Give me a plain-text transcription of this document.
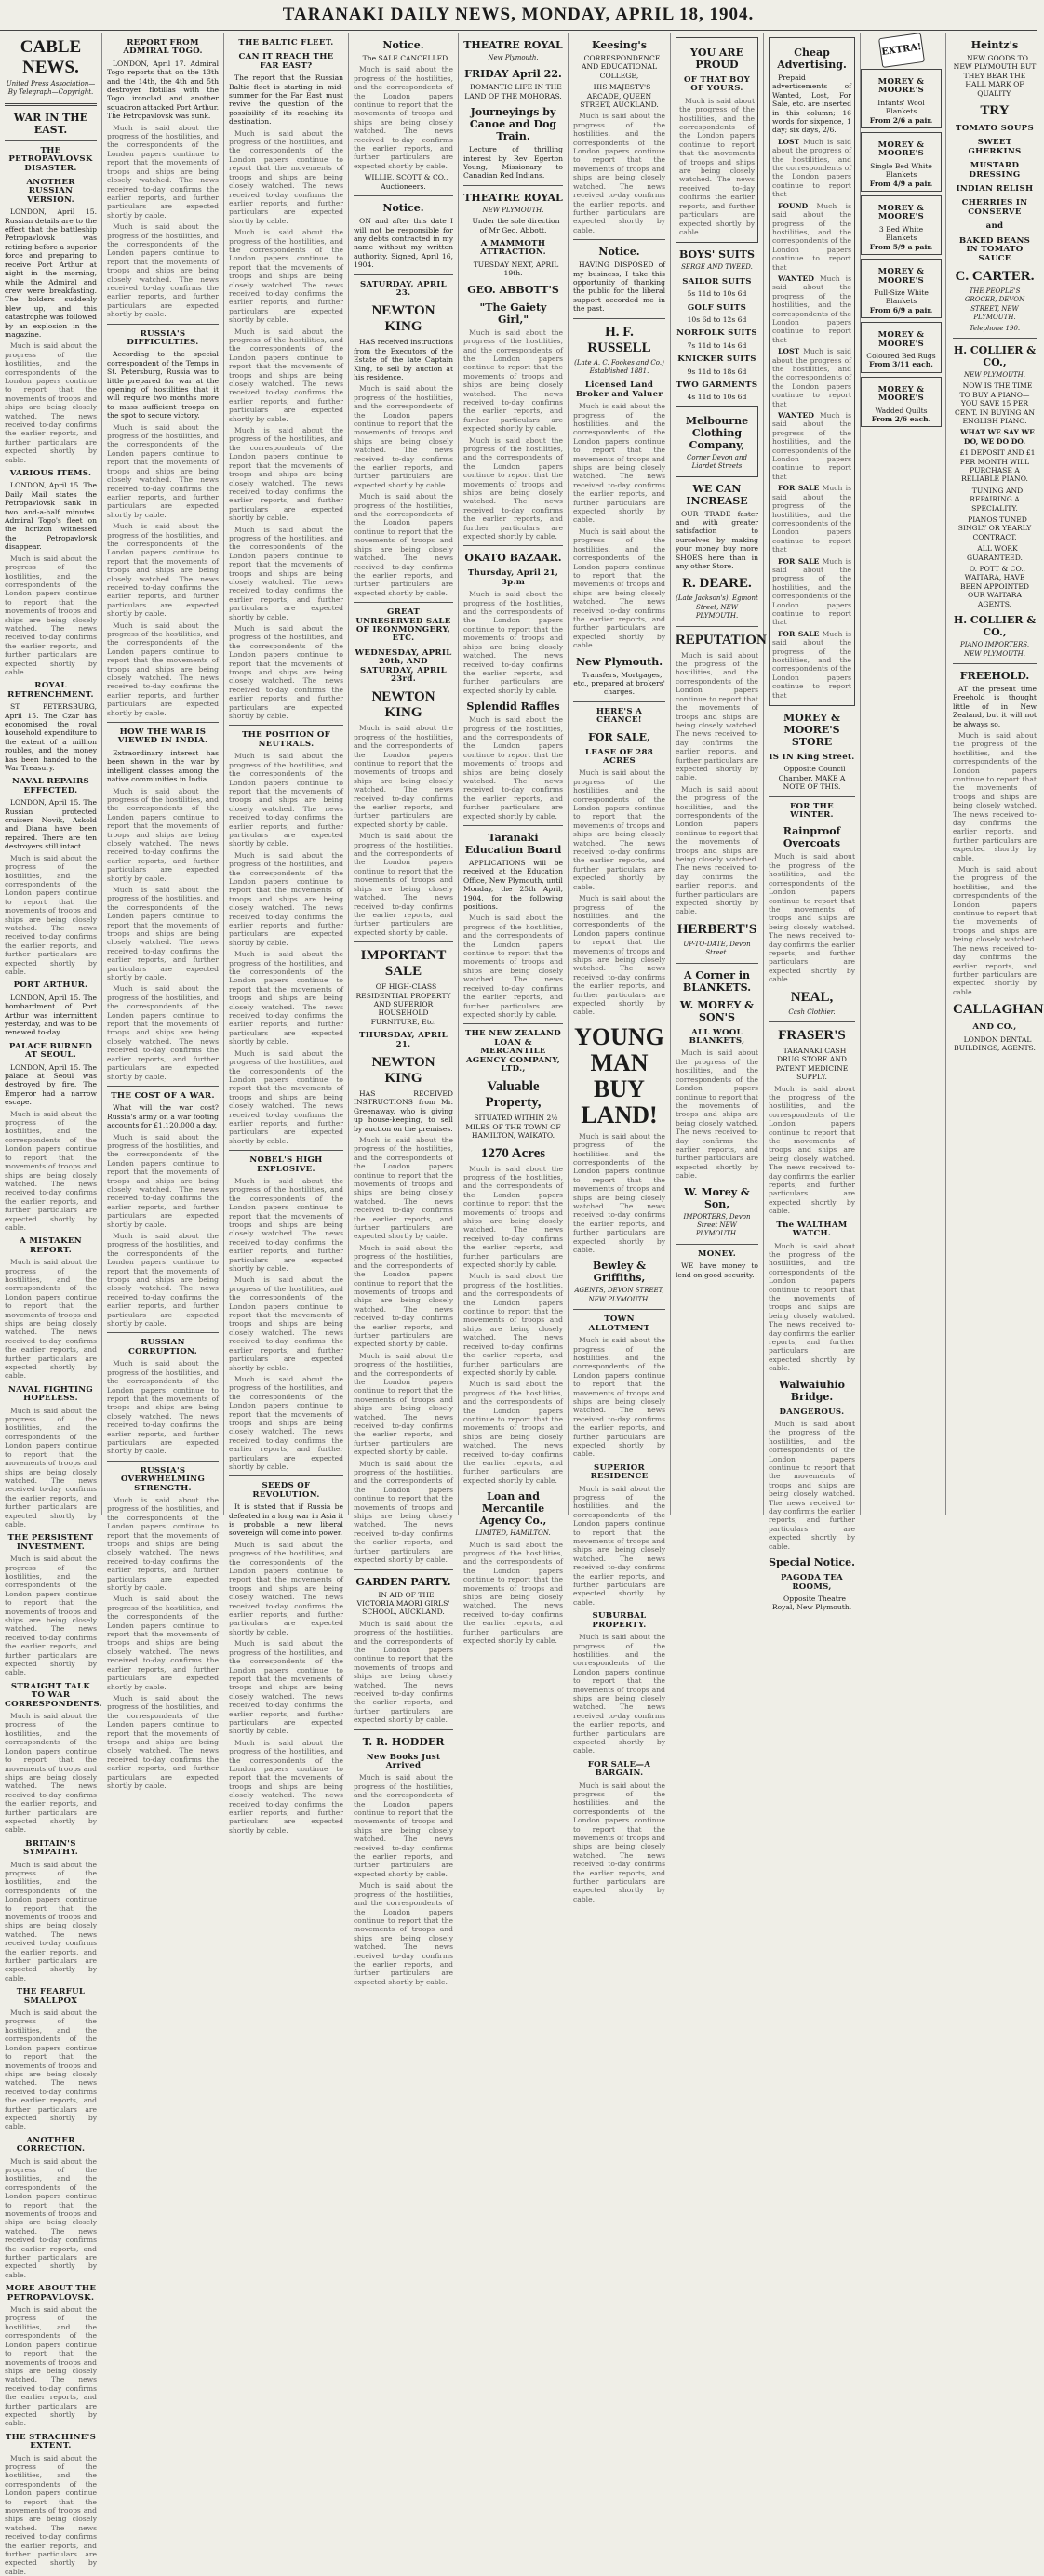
TARANAKI DAILY NEWS, MONDAY, APRIL 18, 1904.
CABLE NEWS.
United Press Association—By Telegraph—Copyright.
WAR IN THE EAST.
THE PETROPAVLOVSK DISASTER.
ANOTHER RUSSIAN VERSION.

LONDON, April 15. Russian details are to the effect that the battleship Petropavlovsk was retiring before a superior force and preparing to receive Port Arthur at night in the morning, while the Admiral and crew were breakfasting. The bolders suddenly blew up, and this catastrophe was followed by an explosion in the magazine.

Much is said about the progress of the hostilities, and the correspondents of the London papers continue to report that the movements of troops and ships are being closely watched. The news received to-day confirms the earlier reports, and further particulars are expected shortly by cable.

VARIOUS ITEMS.

LONDON, April 15. The Daily Mail states the Petropavlovsk sank in two and-a-half minutes. Admiral Togo's fleet on the horizon witnessed the Petropavlovsk disappear.

Much is said about the progress of the hostilities, and the correspondents of the London papers continue to report that the movements of troops and ships are being closely watched. The news received to-day confirms the earlier reports, and further particulars are expected shortly by cable.

ROYAL RETRENCHMENT.

ST. PETERSBURG, April 15. The Czar has economised the royal household expenditure to the extent of a million roubles, and the money has been handed to the War Treasury.

NAVAL REPAIRS EFFECTED.

LONDON, April 15. The Russian protected cruisers Novik, Askold and Diana have been repaired. There are ten destroyers still intact.

Much is said about the progress of the hostilities, and the correspondents of the London papers continue to report that the movements of troops and ships are being closely watched. The news received to-day confirms the earlier reports, and further particulars are expected shortly by cable.

PORT ARTHUR.

LONDON, April 15. The bombardment of Port Arthur was intermittent yesterday, and was to be renewed to-day.

PALACE BURNED AT SEOUL.

LONDON, April 15. The palace at Seoul was destroyed by fire. The Emperor had a narrow escape.

Much is said about the progress of the hostilities, and the correspondents of the London papers continue to report that the movements of troops and ships are being closely watched. The news received to-day confirms the earlier reports, and further particulars are expected shortly by cable.

A MISTAKEN REPORT.

Much is said about the progress of the hostilities, and the correspondents of the London papers continue to report that the movements of troops and ships are being closely watched. The news received to-day confirms the earlier reports, and further particulars are expected shortly by cable.

NAVAL FIGHTING HOPELESS.

Much is said about the progress of the hostilities, and the correspondents of the London papers continue to report that the movements of troops and ships are being closely watched. The news received to-day confirms the earlier reports, and further particulars are expected shortly by cable.

THE PERSISTENT INVESTMENT.

Much is said about the progress of the hostilities, and the correspondents of the London papers continue to report that the movements of troops and ships are being closely watched. The news received to-day confirms the earlier reports, and further particulars are expected shortly by cable.

STRAIGHT TALK TO WAR CORRESPONDENTS.

Much is said about the progress of the hostilities, and the correspondents of the London papers continue to report that the movements of troops and ships are being closely watched. The news received to-day confirms the earlier reports, and further particulars are expected shortly by cable.

BRITAIN'S SYMPATHY.

Much is said about the progress of the hostilities, and the correspondents of the London papers continue to report that the movements of troops and ships are being closely watched. The news received to-day confirms the earlier reports, and further particulars are expected shortly by cable.

THE FEARFUL SMALLPOX

Much is said about the progress of the hostilities, and the correspondents of the London papers continue to report that the movements of troops and ships are being closely watched. The news received to-day confirms the earlier reports, and further particulars are expected shortly by cable.

ANOTHER CORRECTION.

Much is said about the progress of the hostilities, and the correspondents of the London papers continue to report that the movements of troops and ships are being closely watched. The news received to-day confirms the earlier reports, and further particulars are expected shortly by cable.

MORE ABOUT THE PETROPAVLOVSK.

Much is said about the progress of the hostilities, and the correspondents of the London papers continue to report that the movements of troops and ships are being closely watched. The news received to-day confirms the earlier reports, and further particulars are expected shortly by cable.

THE STRACHINE'S EXTENT.

Much is said about the progress of the hostilities, and the correspondents of the London papers continue to report that the movements of troops and ships are being closely watched. The news received to-day confirms the earlier reports, and further particulars are expected shortly by cable.

REPORT FROM ADMIRAL TOGO.

LONDON, April 17. Admiral Togo reports that on the 13th and the 14th, the 4th and 5th destroyer flotillas with the Togo ironclad and another squadron attacked Port Arthur. The Petropavlovsk was sunk.

Much is said about the progress of the hostilities, and the correspondents of the London papers continue to report that the movements of troops and ships are being closely watched. The news received to-day confirms the earlier reports, and further particulars are expected shortly by cable.

Much is said about the progress of the hostilities, and the correspondents of the London papers continue to report that the movements of troops and ships are being closely watched. The news received to-day confirms the earlier reports, and further particulars are expected shortly by cable.

RUSSIA'S DIFFICULTIES.

According to the special correspondent of the Temps in St. Petersburg, Russia was to little prepared for war at the opening of hostilities that it will require two months more to mass sufficient troops on the spot to secure victory.

Much is said about the progress of the hostilities, and the correspondents of the London papers continue to report that the movements of troops and ships are being closely watched. The news received to-day confirms the earlier reports, and further particulars are expected shortly by cable.

Much is said about the progress of the hostilities, and the correspondents of the London papers continue to report that the movements of troops and ships are being closely watched. The news received to-day confirms the earlier reports, and further particulars are expected shortly by cable.

Much is said about the progress of the hostilities, and the correspondents of the London papers continue to report that the movements of troops and ships are being closely watched. The news received to-day confirms the earlier reports, and further particulars are expected shortly by cable.

HOW THE WAR IS VIEWED IN INDIA.

Extraordinary interest has been shown in the war by intelligent classes among the native communities in India.

Much is said about the progress of the hostilities, and the correspondents of the London papers continue to report that the movements of troops and ships are being closely watched. The news received to-day confirms the earlier reports, and further particulars are expected shortly by cable.

Much is said about the progress of the hostilities, and the correspondents of the London papers continue to report that the movements of troops and ships are being closely watched. The news received to-day confirms the earlier reports, and further particulars are expected shortly by cable.

Much is said about the progress of the hostilities, and the correspondents of the London papers continue to report that the movements of troops and ships are being closely watched. The news received to-day confirms the earlier reports, and further particulars are expected shortly by cable.

THE COST OF A WAR.

What will the war cost? Russia's army on a war footing accounts for £1,120,000 a day.

Much is said about the progress of the hostilities, and the correspondents of the London papers continue to report that the movements of troops and ships are being closely watched. The news received to-day confirms the earlier reports, and further particulars are expected shortly by cable.

Much is said about the progress of the hostilities, and the correspondents of the London papers continue to report that the movements of troops and ships are being closely watched. The news received to-day confirms the earlier reports, and further particulars are expected shortly by cable.

RUSSIAN CORRUPTION.

Much is said about the progress of the hostilities, and the correspondents of the London papers continue to report that the movements of troops and ships are being closely watched. The news received to-day confirms the earlier reports, and further particulars are expected shortly by cable.

RUSSIA'S OVERWHELMING STRENGTH.

Much is said about the progress of the hostilities, and the correspondents of the London papers continue to report that the movements of troops and ships are being closely watched. The news received to-day confirms the earlier reports, and further particulars are expected shortly by cable.

Much is said about the progress of the hostilities, and the correspondents of the London papers continue to report that the movements of troops and ships are being closely watched. The news received to-day confirms the earlier reports, and further particulars are expected shortly by cable.

Much is said about the progress of the hostilities, and the correspondents of the London papers continue to report that the movements of troops and ships are being closely watched. The news received to-day confirms the earlier reports, and further particulars are expected shortly by cable.

THE BALTIC FLEET.
CAN IT REACH THE FAR EAST?

The report that the Russian Baltic fleet is starting in mid-summer for the Far East must revive the question of the possibility of its reaching its destination.

Much is said about the progress of the hostilities, and the correspondents of the London papers continue to report that the movements of troops and ships are being closely watched. The news received to-day confirms the earlier reports, and further particulars are expected shortly by cable.

Much is said about the progress of the hostilities, and the correspondents of the London papers continue to report that the movements of troops and ships are being closely watched. The news received to-day confirms the earlier reports, and further particulars are expected shortly by cable.

Much is said about the progress of the hostilities, and the correspondents of the London papers continue to report that the movements of troops and ships are being closely watched. The news received to-day confirms the earlier reports, and further particulars are expected shortly by cable.

Much is said about the progress of the hostilities, and the correspondents of the London papers continue to report that the movements of troops and ships are being closely watched. The news received to-day confirms the earlier reports, and further particulars are expected shortly by cable.

Much is said about the progress of the hostilities, and the correspondents of the London papers continue to report that the movements of troops and ships are being closely watched. The news received to-day confirms the earlier reports, and further particulars are expected shortly by cable.

Much is said about the progress of the hostilities, and the correspondents of the London papers continue to report that the movements of troops and ships are being closely watched. The news received to-day confirms the earlier reports, and further particulars are expected shortly by cable.

THE POSITION OF NEUTRALS.

Much is said about the progress of the hostilities, and the correspondents of the London papers continue to report that the movements of troops and ships are being closely watched. The news received to-day confirms the earlier reports, and further particulars are expected shortly by cable.

Much is said about the progress of the hostilities, and the correspondents of the London papers continue to report that the movements of troops and ships are being closely watched. The news received to-day confirms the earlier reports, and further particulars are expected shortly by cable.

Much is said about the progress of the hostilities, and the correspondents of the London papers continue to report that the movements of troops and ships are being closely watched. The news received to-day confirms the earlier reports, and further particulars are expected shortly by cable.

Much is said about the progress of the hostilities, and the correspondents of the London papers continue to report that the movements of troops and ships are being closely watched. The news received to-day confirms the earlier reports, and further particulars are expected shortly by cable.

NOBEL'S HIGH EXPLOSIVE.

Much is said about the progress of the hostilities, and the correspondents of the London papers continue to report that the movements of troops and ships are being closely watched. The news received to-day confirms the earlier reports, and further particulars are expected shortly by cable.

Much is said about the progress of the hostilities, and the correspondents of the London papers continue to report that the movements of troops and ships are being closely watched. The news received to-day confirms the earlier reports, and further particulars are expected shortly by cable.

Much is said about the progress of the hostilities, and the correspondents of the London papers continue to report that the movements of troops and ships are being closely watched. The news received to-day confirms the earlier reports, and further particulars are expected shortly by cable.

SEEDS OF REVOLUTION.

It is stated that if Russia be defeated in a long war in Asia it is probable a new liberal sovereign will come into power.

Much is said about the progress of the hostilities, and the correspondents of the London papers continue to report that the movements of troops and ships are being closely watched. The news received to-day confirms the earlier reports, and further particulars are expected shortly by cable.

Much is said about the progress of the hostilities, and the correspondents of the London papers continue to report that the movements of troops and ships are being closely watched. The news received to-day confirms the earlier reports, and further particulars are expected shortly by cable.

Much is said about the progress of the hostilities, and the correspondents of the London papers continue to report that the movements of troops and ships are being closely watched. The news received to-day confirms the earlier reports, and further particulars are expected shortly by cable.

Notice.

The SALE CANCELLED.

Much is said about the progress of the hostilities, and the correspondents of the London papers continue to report that the movements of troops and ships are being closely watched. The news received to-day confirms the earlier reports, and further particulars are expected shortly by cable.

WILLIE, SCOTT & CO., Auctioneers.

Notice.

ON and after this date I will not be responsible for any debts contracted in my name without my written authority. Signed, April 16, 1904.

SATURDAY, APRIL 23.
NEWTON KING

HAS received instructions from the Executors of the Estate of the late Captain King, to sell by auction at his residence.

Much is said about the progress of the hostilities, and the correspondents of the London papers continue to report that the movements of troops and ships are being closely watched. The news received to-day confirms the earlier reports, and further particulars are expected shortly by cable.

Much is said about the progress of the hostilities, and the correspondents of the London papers continue to report that the movements of troops and ships are being closely watched. The news received to-day confirms the earlier reports, and further particulars are expected shortly by cable.

GREAT UNRESERVED SALE OF IRONMONGERY, ETC.
WEDNESDAY, APRIL 20th, AND SATURDAY, APRIL 23rd.
NEWTON KING

Much is said about the progress of the hostilities, and the correspondents of the London papers continue to report that the movements of troops and ships are being closely watched. The news received to-day confirms the earlier reports, and further particulars are expected shortly by cable.

Much is said about the progress of the hostilities, and the correspondents of the London papers continue to report that the movements of troops and ships are being closely watched. The news received to-day confirms the earlier reports, and further particulars are expected shortly by cable.

IMPORTANT SALE

OF HIGH-CLASS RESIDENTIAL PROPERTY AND SUPERIOR HOUSEHOLD FURNITURE, Etc.

THURSDAY, APRIL 21.
NEWTON KING

HAS RECEIVED INSTRUCTIONS from Mr. Greenaway, who is giving up house-keeping, to sell by auction on the premises.

Much is said about the progress of the hostilities, and the correspondents of the London papers continue to report that the movements of troops and ships are being closely watched. The news received to-day confirms the earlier reports, and further particulars are expected shortly by cable.

Much is said about the progress of the hostilities, and the correspondents of the London papers continue to report that the movements of troops and ships are being closely watched. The news received to-day confirms the earlier reports, and further particulars are expected shortly by cable.

Much is said about the progress of the hostilities, and the correspondents of the London papers continue to report that the movements of troops and ships are being closely watched. The news received to-day confirms the earlier reports, and further particulars are expected shortly by cable.

Much is said about the progress of the hostilities, and the correspondents of the London papers continue to report that the movements of troops and ships are being closely watched. The news received to-day confirms the earlier reports, and further particulars are expected shortly by cable.

GARDEN PARTY.

IN AID OF THE VICTORIA MAORI GIRLS' SCHOOL, AUCKLAND.

Much is said about the progress of the hostilities, and the correspondents of the London papers continue to report that the movements of troops and ships are being closely watched. The news received to-day confirms the earlier reports, and further particulars are expected shortly by cable.

T. R. HODDER
New Books Just Arrived

Much is said about the progress of the hostilities, and the correspondents of the London papers continue to report that the movements of troops and ships are being closely watched. The news received to-day confirms the earlier reports, and further particulars are expected shortly by cable.

Much is said about the progress of the hostilities, and the correspondents of the London papers continue to report that the movements of troops and ships are being closely watched. The news received to-day confirms the earlier reports, and further particulars are expected shortly by cable.

THEATRE ROYAL
New Plymouth.
FRIDAY April 22.

ROMANTIC LIFE IN THE LAND OF THE MOHORAS.

Journeyings by Canoe and Dog Train.

Lecture of thrilling interest by Rev Egerton Young, Missionary to Canadian Red Indians.

THEATRE ROYAL
NEW PLYMOUTH.

Under the sole direction of Mr Geo. Abbott.

A MAMMOTH ATTRACTION.

TUESDAY NEXT, APRIL 19th.

GEO. ABBOTT'S
"The Gaiety Girl,"

Much is said about the progress of the hostilities, and the correspondents of the London papers continue to report that the movements of troops and ships are being closely watched. The news received to-day confirms the earlier reports, and further particulars are expected shortly by cable.

Much is said about the progress of the hostilities, and the correspondents of the London papers continue to report that the movements of troops and ships are being closely watched. The news received to-day confirms the earlier reports, and further particulars are expected shortly by cable.

OKATO BAZAAR.
Thursday, April 21, 3p.m

Much is said about the progress of the hostilities, and the correspondents of the London papers continue to report that the movements of troops and ships are being closely watched. The news received to-day confirms the earlier reports, and further particulars are expected shortly by cable.

Splendid Raffles

Much is said about the progress of the hostilities, and the correspondents of the London papers continue to report that the movements of troops and ships are being closely watched. The news received to-day confirms the earlier reports, and further particulars are expected shortly by cable.

Taranaki Education Board

APPLICATIONS will be received at the Education Office, New Plymouth, until Monday, the 25th April, 1904, for the following positions.

Much is said about the progress of the hostilities, and the correspondents of the London papers continue to report that the movements of troops and ships are being closely watched. The news received to-day confirms the earlier reports, and further particulars are expected shortly by cable.

THE NEW ZEALAND LOAN & MERCANTILE AGENCY COMPANY, LTD.,
Valuable Property,

SITUATED WITHIN 2½ MILES OF THE TOWN OF HAMILTON, WAIKATO.

1270 Acres

Much is said about the progress of the hostilities, and the correspondents of the London papers continue to report that the movements of troops and ships are being closely watched. The news received to-day confirms the earlier reports, and further particulars are expected shortly by cable.

Much is said about the progress of the hostilities, and the correspondents of the London papers continue to report that the movements of troops and ships are being closely watched. The news received to-day confirms the earlier reports, and further particulars are expected shortly by cable.

Much is said about the progress of the hostilities, and the correspondents of the London papers continue to report that the movements of troops and ships are being closely watched. The news received to-day confirms the earlier reports, and further particulars are expected shortly by cable.

Loan and Mercantile Agency Co.,
LIMITED, HAMILTON.

Much is said about the progress of the hostilities, and the correspondents of the London papers continue to report that the movements of troops and ships are being closely watched. The news received to-day confirms the earlier reports, and further particulars are expected shortly by cable.

Keesing's

CORRESPONDENCE AND EDUCATIONAL COLLEGE,

HIS MAJESTY'S ARCADE, QUEEN STREET, AUCKLAND.

Much is said about the progress of the hostilities, and the correspondents of the London papers continue to report that the movements of troops and ships are being closely watched. The news received to-day confirms the earlier reports, and further particulars are expected shortly by cable.

Notice.

HAVING DISPOSED of my business, I take this opportunity of thanking the public for the liberal support accorded me in the past.

H. F. RUSSELL
(Late A. C. Fookes and Co.) Established 1881.
Licensed Land Broker and Valuer

Much is said about the progress of the hostilities, and the correspondents of the London papers continue to report that the movements of troops and ships are being closely watched. The news received to-day confirms the earlier reports, and further particulars are expected shortly by cable.

Much is said about the progress of the hostilities, and the correspondents of the London papers continue to report that the movements of troops and ships are being closely watched. The news received to-day confirms the earlier reports, and further particulars are expected shortly by cable.

New Plymouth.

Transfers, Mortgages, etc., prepared at brokers' charges.

HERE'S A CHANCE!
FOR SALE,
LEASE OF 288 ACRES

Much is said about the progress of the hostilities, and the correspondents of the London papers continue to report that the movements of troops and ships are being closely watched. The news received to-day confirms the earlier reports, and further particulars are expected shortly by cable.

Much is said about the progress of the hostilities, and the correspondents of the London papers continue to report that the movements of troops and ships are being closely watched. The news received to-day confirms the earlier reports, and further particulars are expected shortly by cable.

YOUNG MAN BUY LAND!

Much is said about the progress of the hostilities, and the correspondents of the London papers continue to report that the movements of troops and ships are being closely watched. The news received to-day confirms the earlier reports, and further particulars are expected shortly by cable.

Bewley & Griffiths,
AGENTS, DEVON STREET, NEW PLYMOUTH.
TOWN ALLOTMENT

Much is said about the progress of the hostilities, and the correspondents of the London papers continue to report that the movements of troops and ships are being closely watched. The news received to-day confirms the earlier reports, and further particulars are expected shortly by cable.

SUPERIOR RESIDENCE

Much is said about the progress of the hostilities, and the correspondents of the London papers continue to report that the movements of troops and ships are being closely watched. The news received to-day confirms the earlier reports, and further particulars are expected shortly by cable.

SUBURBAL PROPERTY.

Much is said about the progress of the hostilities, and the correspondents of the London papers continue to report that the movements of troops and ships are being closely watched. The news received to-day confirms the earlier reports, and further particulars are expected shortly by cable.

FOR SALE—A BARGAIN.

Much is said about the progress of the hostilities, and the correspondents of the London papers continue to report that the movements of troops and ships are being closely watched. The news received to-day confirms the earlier reports, and further particulars are expected shortly by cable.

YOU ARE PROUD
OF THAT BOY OF YOURS.

Much is said about the progress of the hostilities, and the correspondents of the London papers continue to report that the movements of troops and ships are being closely watched. The news received to-day confirms the earlier reports, and further particulars are expected shortly by cable.

BOYS' SUITS
SERGE AND TWEED.
SAILOR SUITS
5s 11d to 10s 6d
GOLF SUITS
10s 6d to 12s 6d
NORFOLK SUITS
7s 11d to 14s 6d
KNICKER SUITS
9s 11d to 18s 6d
TWO GARMENTS
4s 11d to 10s 6d
Melbourne Clothing Company,
Corner Devon and Liardet Streets
WE CAN INCREASE

OUR TRADE faster and with greater satisfaction to ourselves by making your money buy more SHOES here than in any other Store.

R. DEARE.
(Late Jackson's). Egmont Street, NEW PLYMOUTH.
REPUTATION

Much is said about the progress of the hostilities, and the correspondents of the London papers continue to report that the movements of troops and ships are being closely watched. The news received to-day confirms the earlier reports, and further particulars are expected shortly by cable.

Much is said about the progress of the hostilities, and the correspondents of the London papers continue to report that the movements of troops and ships are being closely watched. The news received to-day confirms the earlier reports, and further particulars are expected shortly by cable.

HERBERT'S
UP-TO-DATE, Devon Street.
A Corner in BLANKETS.
W. MOREY & SON'S
ALL WOOL BLANKETS,

Much is said about the progress of the hostilities, and the correspondents of the London papers continue to report that the movements of troops and ships are being closely watched. The news received to-day confirms the earlier reports, and further particulars are expected shortly by cable.

W. Morey & Son,
IMPORTERS, Devon Street NEW PLYMOUTH.
MONEY.

WE have money to lend on good security.

Cheap Advertising.

Prepaid advertisements of Wanted, Lost, For Sale, etc. are inserted in this column; 16 words for sixpence, 1 day; six days, 2/6.

LOST Much is said about the progress of the hostilities, and the correspondents of the London papers continue to report that

FOUND Much is said about the progress of the hostilities, and the correspondents of the London papers continue to report that

WANTED Much is said about the progress of the hostilities, and the correspondents of the London papers continue to report that

LOST Much is said about the progress of the hostilities, and the correspondents of the London papers continue to report that

WANTED Much is said about the progress of the hostilities, and the correspondents of the London papers continue to report that

FOR SALE Much is said about the progress of the hostilities, and the correspondents of the London papers continue to report that

FOR SALE Much is said about the progress of the hostilities, and the correspondents of the London papers continue to report that

FOR SALE Much is said about the progress of the hostilities, and the correspondents of the London papers continue to report that

MOREY & MOORE'S STORE
IS IN King Street.

Opposite Council Chamber. MAKE A NOTE OF THIS.

FOR THE WINTER.
Rainproof Overcoats

Much is said about the progress of the hostilities, and the correspondents of the London papers continue to report that the movements of troops and ships are being closely watched. The news received to-day confirms the earlier reports, and further particulars are expected shortly by cable.

NEAL,
Cash Clothier.
FRASER'S

TARANAKI CASH DRUG STORE AND PATENT MEDICINE SUPPLY.

Much is said about the progress of the hostilities, and the correspondents of the London papers continue to report that the movements of troops and ships are being closely watched. The news received to-day confirms the earlier reports, and further particulars are expected shortly by cable.

The WALTHAM WATCH.

Much is said about the progress of the hostilities, and the correspondents of the London papers continue to report that the movements of troops and ships are being closely watched. The news received to-day confirms the earlier reports, and further particulars are expected shortly by cable.

Walwaiuhio Bridge.
DANGEROUS.

Much is said about the progress of the hostilities, and the correspondents of the London papers continue to report that the movements of troops and ships are being closely watched. The news received to-day confirms the earlier reports, and further particulars are expected shortly by cable.

Special Notice.
PAGODA TEA ROOMS,

Opposite Theatre Royal, New Plymouth.

EXTRA!
MOREY & MOORE'S
Infants' Wool Blankets
From 2/6 a pair.
MOREY & MOORE'S
Single Bed White Blankets
From 4/9 a pair.
MOREY & MOORE'S
3 Bed White Blankets
From 5/9 a pair.
MOREY & MOORE'S
Full-Size White Blankets
From 6/9 a pair.
MOREY & MOORE'S
Coloured Bed Rugs
From 3/11 each.
MOREY & MOORE'S
Wadded Quilts
From 2/6 each.
Heintz's

NEW GOODS TO NEW PLYMOUTH BUT THEY BEAR THE HALL MARK OF QUALITY.

TRY
TOMATO SOUPS
SWEET GHERKINS
MUSTARD DRESSING
INDIAN RELISH
CHERRIES IN CONSERVE
and
BAKED BEANS IN TOMATO SAUCE
C. CARTER.
THE PEOPLE'S GROCER, DEVON STREET, NEW PLYMOUTH.
Telephone 190.
H. COLLIER & CO.,
NEW PLYMOUTH.

NOW IS THE TIME TO BUY A PIANO—YOU SAVE 15 PER CENT. IN BUYING AN ENGLISH PIANO.

WHAT WE SAY WE DO, WE DO DO.

£1 DEPOSIT AND £1 PER MONTH WILL PURCHASE A RELIABLE PIANO.

TUNING AND REPAIRING A SPECIALITY.

PIANOS TUNED SINGLY OR YEARLY CONTRACT.

ALL WORK GUARANTEED.

O. POTT & CO., WAITARA, HAVE BEEN APPOINTED OUR WAITARA AGENTS.

H. COLLIER & CO.,
PIANO IMPORTERS, NEW PLYMOUTH.
FREEHOLD.

AT the present time Freehold is thought little of in New Zealand, but it will not be always so.

Much is said about the progress of the hostilities, and the correspondents of the London papers continue to report that the movements of troops and ships are being closely watched. The news received to-day confirms the earlier reports, and further particulars are expected shortly by cable.

Much is said about the progress of the hostilities, and the correspondents of the London papers continue to report that the movements of troops and ships are being closely watched. The news received to-day confirms the earlier reports, and further particulars are expected shortly by cable.

CALLAGHAN
AND CO.,

LONDON DENTAL BUILDINGS, AGENTS.
